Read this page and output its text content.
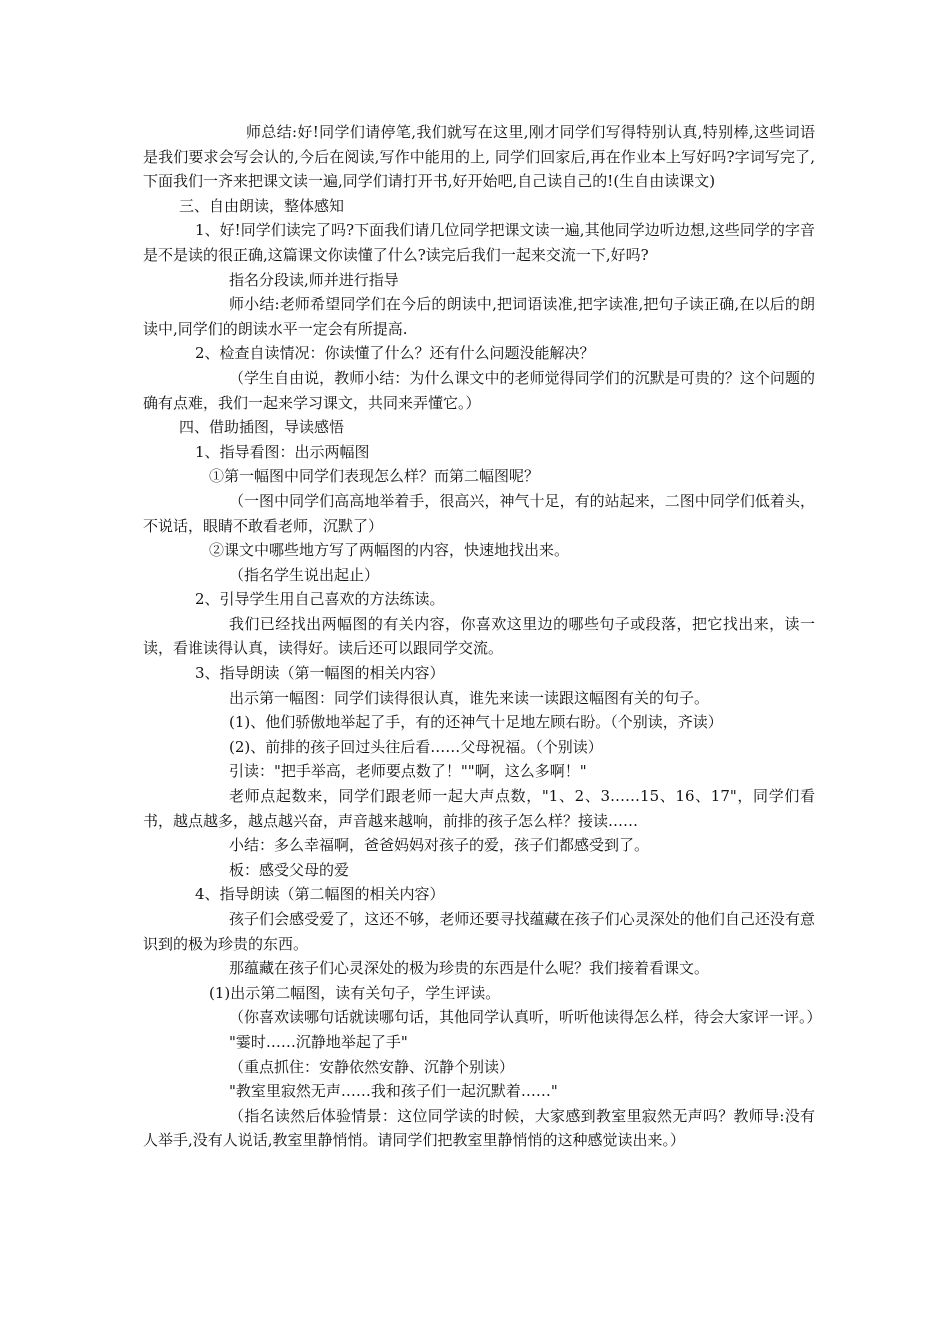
师总结:好!同学们请停笔,我们就写在这里,刚才同学们写得特别认真,特别棒,这些词语是我们要求会写会认的,今后在阅读,写作中能用的上, 同学们回家后,再在作业本上写好吗?字词写完了,下面我们一齐来把课文读一遍,同学们请打开书,好开始吧,自己读自己的!(生自由读课文)

三、自由朗读，整体感知

1、好!同学们读完了吗?下面我们请几位同学把课文读一遍,其他同学边听边想,这些同学的字音是不是读的很正确,这篇课文你读懂了什么?读完后我们一起来交流一下,好吗?

指名分段读,师并进行指导

师小结:老师希望同学们在今后的朗读中,把词语读准,把字读准,把句子读正确,在以后的朗读中,同学们的朗读水平一定会有所提高.

2、检查自读情况：你读懂了什么？还有什么问题没能解决？

（学生自由说，教师小结：为什么课文中的老师觉得同学们的沉默是可贵的？这个问题的确有点难，我们一起来学习课文，共同来弄懂它。）

四、借助插图，导读感悟

1、指导看图：出示两幅图

①第一幅图中同学们表现怎么样？而第二幅图呢？

（一图中同学们高高地举着手，很高兴，神气十足，有的站起来，二图中同学们低着头，不说话，眼睛不敢看老师，沉默了）

②课文中哪些地方写了两幅图的内容，快速地找出来。

（指名学生说出起止）

2、引导学生用自己喜欢的方法练读。

我们已经找出两幅图的有关内容，你喜欢这里边的哪些句子或段落，把它找出来，读一读，看谁读得认真，读得好。读后还可以跟同学交流。

3、指导朗读（第一幅图的相关内容）

出示第一幅图：同学们读得很认真，谁先来读一读跟这幅图有关的句子。

(1)、他们骄傲地举起了手，有的还神气十足地左顾右盼。（个别读，齐读）

(2)、前排的孩子回过头往后看……父母祝福。（个别读）

引读："把手举高，老师要点数了！""啊，这么多啊！"

老师点起数来，同学们跟老师一起大声点数，"1、2、3……15、16、17"，同学们看书，越点越多，越点越兴奋，声音越来越响，前排的孩子怎么样？接读……

小结：多么幸福啊，爸爸妈妈对孩子的爱，孩子们都感受到了。

板：感受父母的爱

4、指导朗读（第二幅图的相关内容）

孩子们会感受爱了，这还不够，老师还要寻找蕴藏在孩子们心灵深处的他们自己还没有意识到的极为珍贵的东西。

那蕴藏在孩子们心灵深处的极为珍贵的东西是什么呢？我们接着看课文。

(1)出示第二幅图，读有关句子，学生评读。

（你喜欢读哪句话就读哪句话，其他同学认真听，听听他读得怎么样，待会大家评一评。）

"霎时……沉静地举起了手"

（重点抓住：安静依然安静、沉静个别读）

"教室里寂然无声……我和孩子们一起沉默着……"

（指名读然后体验情景：这位同学读的时候，大家感到教室里寂然无声吗？教师导:没有人举手,没有人说话,教室里静悄悄。请同学们把教室里静悄悄的这种感觉读出来。）
